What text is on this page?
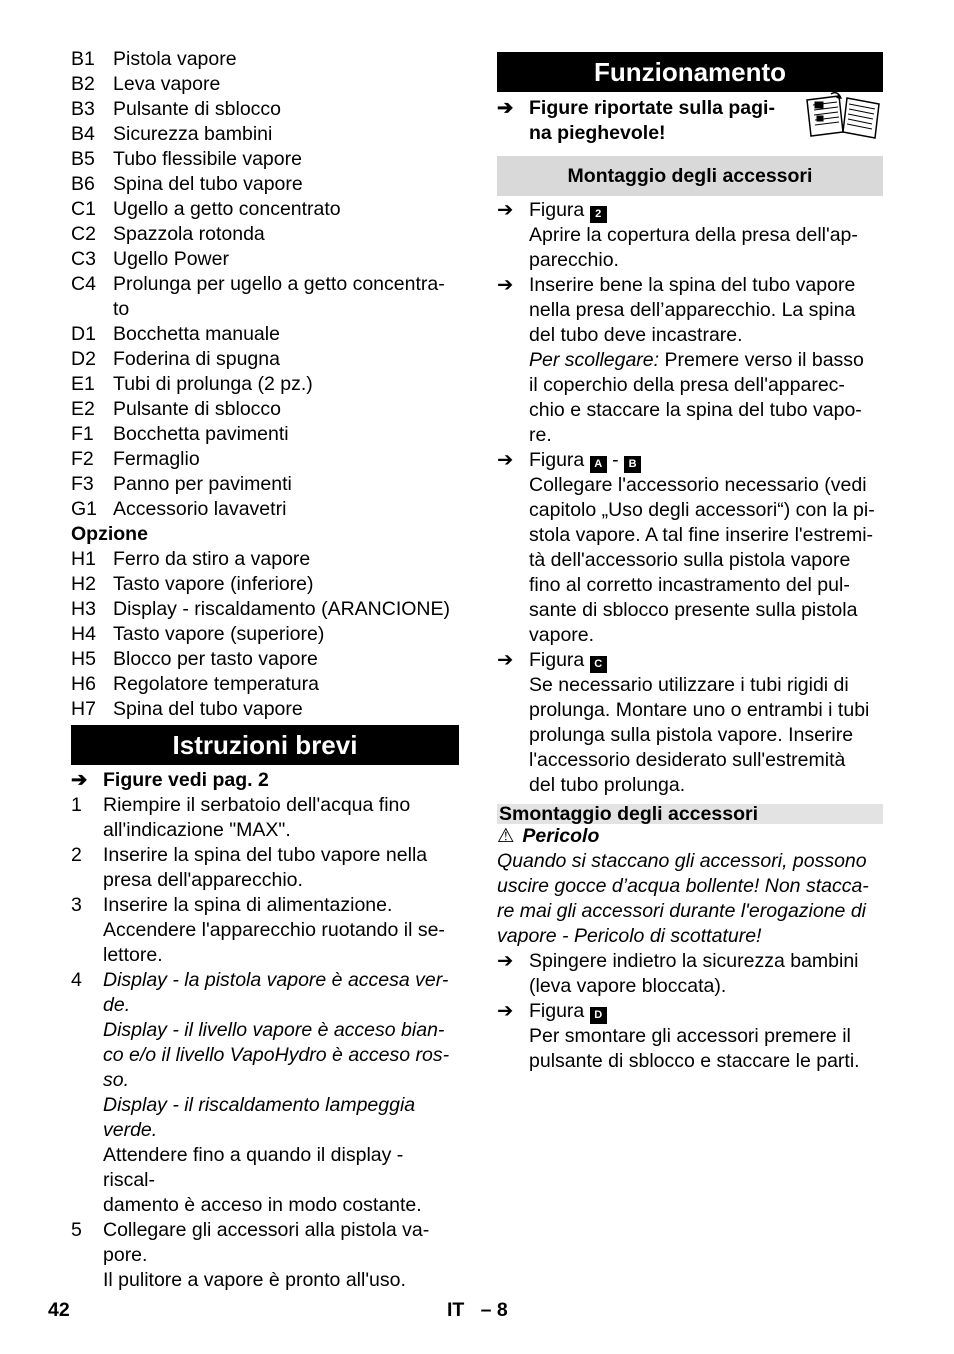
B1 Pistola vapore
B2 Leva vapore
B3 Pulsante di sblocco
B4 Sicurezza bambini
B5 Tubo flessibile vapore
B6 Spina del tubo vapore
C1 Ugello a getto concentrato
C2 Spazzola rotonda
C3 Ugello Power
C4 Prolunga per ugello a getto concentra-
to
D1 Bocchetta manuale
D2 Foderina di spugna
E1 Tubi di prolunga (2 pz.)
E2 Pulsante di sblocco
F1 Bocchetta pavimenti
F2 Fermaglio
F3 Panno per pavimenti
G1 Accessorio lavavetri
Opzione
H1 Ferro da stiro a vapore
H2 Tasto vapore (inferiore)
H3 Display - riscaldamento (ARANCIONE)
H4 Tasto vapore (superiore)
H5 Blocco per tasto vapore
H6 Regolatore temperatura
H7 Spina del tubo vapore
Istruzioni brevi
➔ Figure vedi pag. 2
1	Riempire il serbatoio dell'acqua fino all'indicazione "MAX".
2	Inserire la spina del tubo vapore nella presa dell'apparecchio.
3	Inserire la spina di alimentazione.
Accendere l'apparecchio ruotando il se-
lettore.
4	Display - la pistola vapore è accesa ver-
de.
Display - il livello vapore è acceso bian-
co e/o il livello VapoHydro è acceso ros-
so.
Display - il riscaldamento lampeggia
verde.
Attendere fino a quando il display - riscal-
damento è acceso in modo costante.
5	Collegare gli accessori alla pistola va-
pore.
Il pulitore a vapore è pronto all'uso.
Funzionamento
➔ Figure riportate sulla pagi-
na pieghevole!
Montaggio degli accessori
➔ Figura 2
Aprire la copertura della presa dell'ap-
parecchio.
➔ Inserire bene la spina del tubo vapore
nella presa dell’apparecchio. La spina
del tubo deve incastrare.
Per scollegare: Premere verso il basso
il coperchio della presa dell'apparec-
chio e staccare la spina del tubo vapo-
re.
➔ Figura A - B
Collegare l'accessorio necessario (vedi
capitolo „Uso degli accessori“) con la pi-
stola vapore. A tal fine inserire l'estremi-
tà dell'accessorio sulla pistola vapore
fino al corretto incastramento del pul-
sante di sblocco presente sulla pistola
vapore.
➔ Figura C
Se necessario utilizzare i tubi rigidi di
prolunga. Montare uno o entrambi i tubi
prolunga sulla pistola vapore. Inserire
l'accessorio desiderato sull'estremità
del tubo prolunga.
Smontaggio degli accessori
⚠ Pericolo
Quando si staccano gli accessori, possono
uscire gocce d’acqua bollente! Non stacca-
re mai gli accessori durante l'erogazione di
vapore - Pericolo di scottature!
➔ Spingere indietro la sicurezza bambini
(leva vapore bloccata).
➔ Figura D
Per smontare gli accessori premere il
pulsante di sblocco e staccare le parti.
42	IT   – 8
